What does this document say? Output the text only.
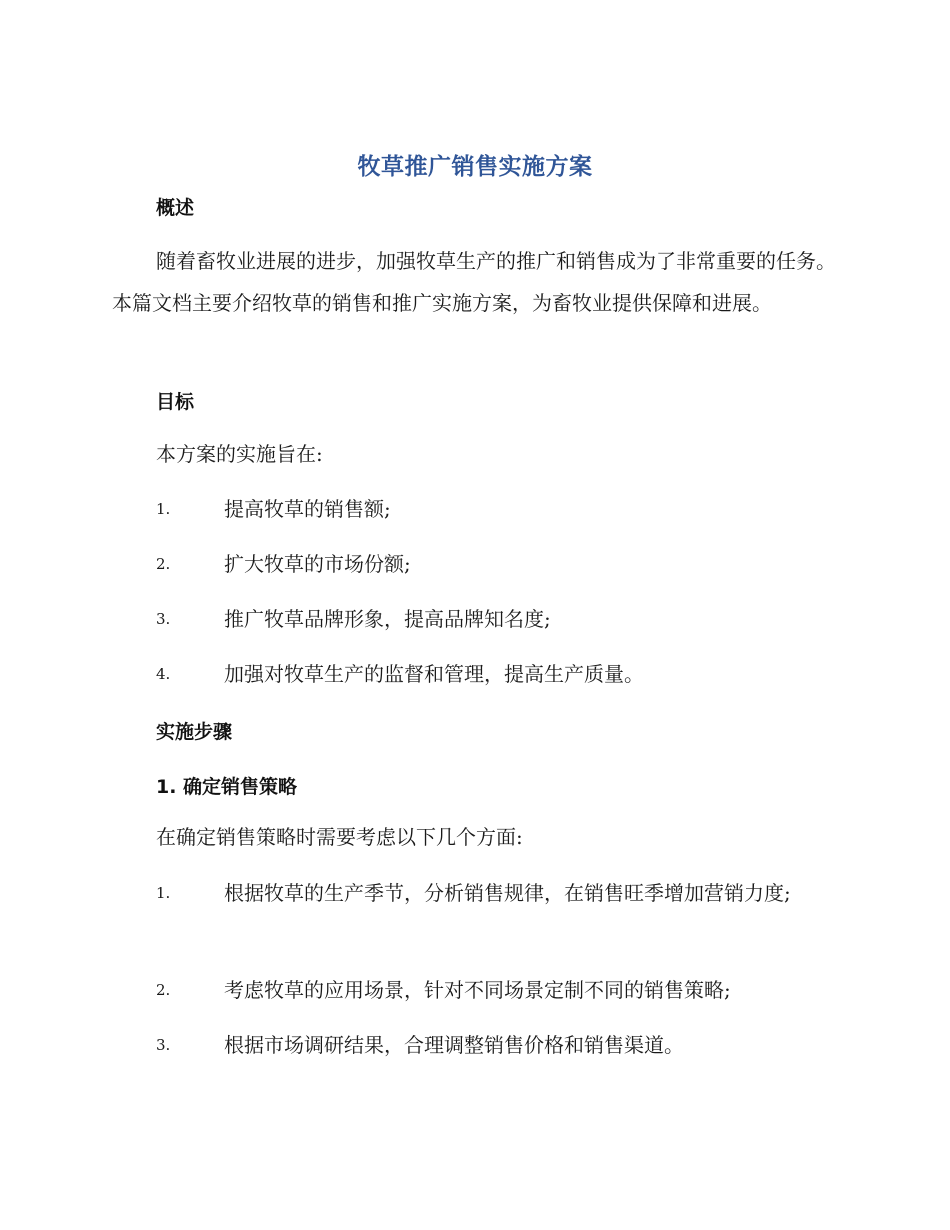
牧草推广销售实施方案
概述

随着畜牧业进展的进步，加强牧草生产的推广和销售成为了非常重要的任务。本篇文档主要介绍牧草的销售和推广实施方案，为畜牧业提供保障和进展。

目标

本方案的实施旨在:

1.	提高牧草的销售额;
2.	扩大牧草的市场份额;
3.	推广牧草品牌形象，提高品牌知名度;
4.	加强对牧草生产的监督和管理，提高生产质量。
实施步骤
1. 确定销售策略

在确定销售策略时需要考虑以下几个方面:

1.	根据牧草的生产季节，分析销售规律，在销售旺季增加营销力度;
2.	考虑牧草的应用场景，针对不同场景定制不同的销售策略;
3.	根据市场调研结果，合理调整销售价格和销售渠道。
